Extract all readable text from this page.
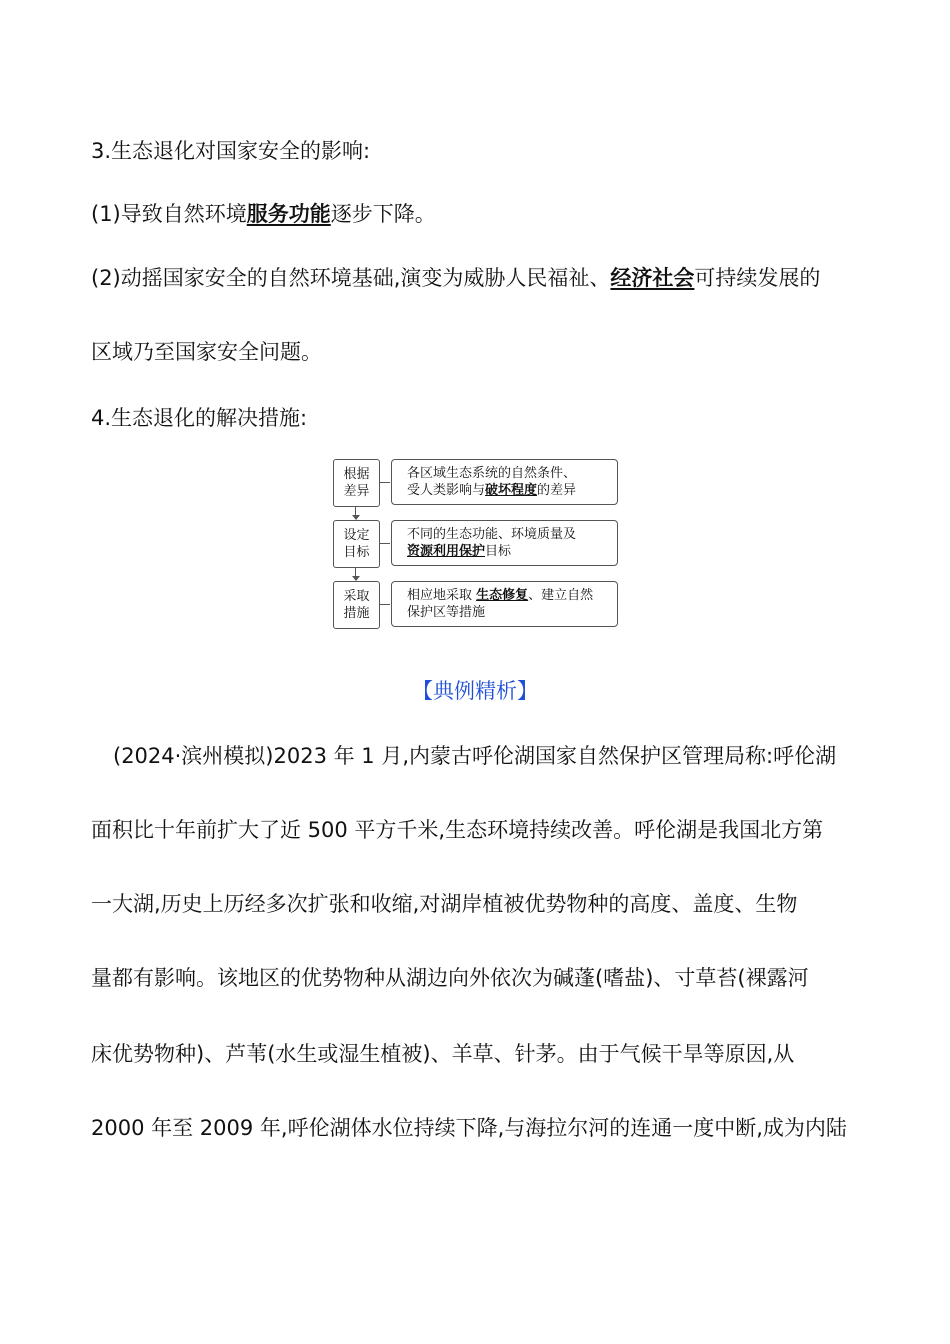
3.生态退化对国家安全的影响:
(1)导致自然环境服务功能逐步下降。
(2)动摇国家安全的自然环境基础,演变为威胁人民福祉、经济社会可持续发展的
区域乃至国家安全问题。
4.生态退化的解决措施:
根据
差异
各区域生态系统的自然条件、
受人类影响与破坏程度的差异
设定
目标
不同的生态功能、环境质量及
资源利用保护目标
采取
措施
相应地采取 生态修复、建立自然
保护区等措施
【典例精析】
(2024·滨州模拟)2023 年 1 月,内蒙古呼伦湖国家自然保护区管理局称:呼伦湖
面积比十年前扩大了近 500 平方千米,生态环境持续改善。呼伦湖是我国北方第
一大湖,历史上历经多次扩张和收缩,对湖岸植被优势物种的高度、盖度、生物
量都有影响。该地区的优势物种从湖边向外依次为碱蓬(嗜盐)、寸草苔(裸露河
床优势物种)、芦苇(水生或湿生植被)、羊草、针茅。由于气候干旱等原因,从
2000 年至 2009 年,呼伦湖体水位持续下降,与海拉尔河的连通一度中断,成为内陆
